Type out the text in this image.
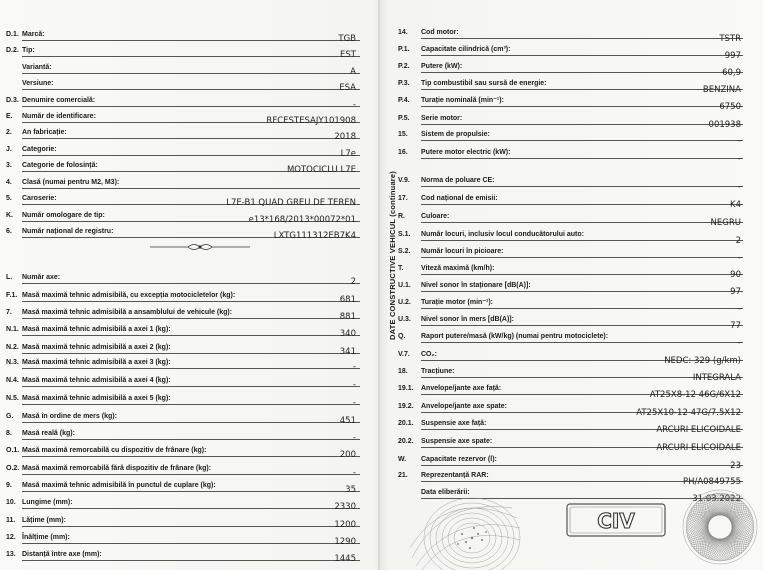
D.1. Marcă:	TGB
D.2. Tip:	EST
Variantă:	A
Versiune:	ESA
D.3. Denumire comercială:	-
E. Număr de identificare:	RFCESTESAJY101908
2. An fabricație:	2018
J. Categorie:	L7e
3. Categorie de folosință:	MOTOCICLU L7E
4. Clasă (numai pentru M2, M3):
5. Caroserie:	L7E-B1 QUAD GREU DE TEREN
K. Număr omologare de tip:	e13*168/2013*00072*01
6. Număr național de registru:	LXTG111312EB7K4
L. Număr axe:	2
F.1. Masă maximă tehnic admisibilă, cu excepția motocicletelor (kg):	681
7. Masă maximă tehnic admisibilă a ansamblului de vehicule (kg):	881
N.1. Masă maximă tehnic admisibilă a axei 1 (kg):	340
N.2. Masă maximă tehnic admisibilă a axei 2 (kg):	341
N.3. Masă maximă tehnic admisibilă a axei 3 (kg):	-
N.4. Masă maximă tehnic admisibilă a axei 4 (kg):	-
N.5. Masă maximă tehnic admisibilă a axei 5 (kg):	-
G. Masă în ordine de mers (kg):	451
8. Masă reală (kg):	-
O.1. Masă maximă remorcabilă cu dispozitiv de frânare (kg):	200
O.2. Masă maximă remorcabilă fără dispozitiv de frânare (kg):	-
9. Masă maximă tehnic admisibilă în punctul de cuplare (kg):	35
10. Lungime (mm):	2330
11. Lățime (mm):	1200
12. Înălțime (mm):	1290
13. Distanță între axe (mm):	1445
14. Cod motor:
TSTR
P.1. Capacitate cilindrică (cm³):
997
P.2. Putere (kW):
60,9
P.3. Tip combustibil sau sursă de energie:
BENZINA
P.4. Turație nominală (min⁻¹):
6750
P.5. Serie motor:
001938
15. Sistem de propulsie:
-
16. Putere motor electric (kW):
-
V.9. Norma de poluare CE:
-
17. Cod național de emisii:
K4
R. Culoare:
NEGRU
S.1. Număr locuri, inclusiv locul conducătorului auto:
2
S.2. Număr locuri în picioare:
-
T.	Viteză maximă (km/h):
90
U.1. Nivel sonor în staționare [dB(A)]:
97
U.2. Turație motor (min⁻¹):
-
U.3. Nivel sonor în mers [dB(A)]:
77
Q. Raport putere/masă (kW/kg) (numai pentru motociclete):
-
V.7. CO₂:
NEDC: 329 (g/km)
18. Tracțiune:
INTEGRALA
19.1. Anvelope/jante axe față:
AT25X8-12 46G/6X12
19.2. Anvelope/jante axe spate:
AT25X10-12 47G/7.5X12
20.1. Suspensie axe față:
ARCURI ELICOIDALE
20.2. Suspensie axe spate:
ARCURI ELICOIDALE
W. Capacitate rezervor (l):
23
21. Reprezentanță RAR:
PH/A0849755
Data eliberării:
31.03.2022
DATE CONSTRUCTIVE VEHICUL (continuare)
CIV
